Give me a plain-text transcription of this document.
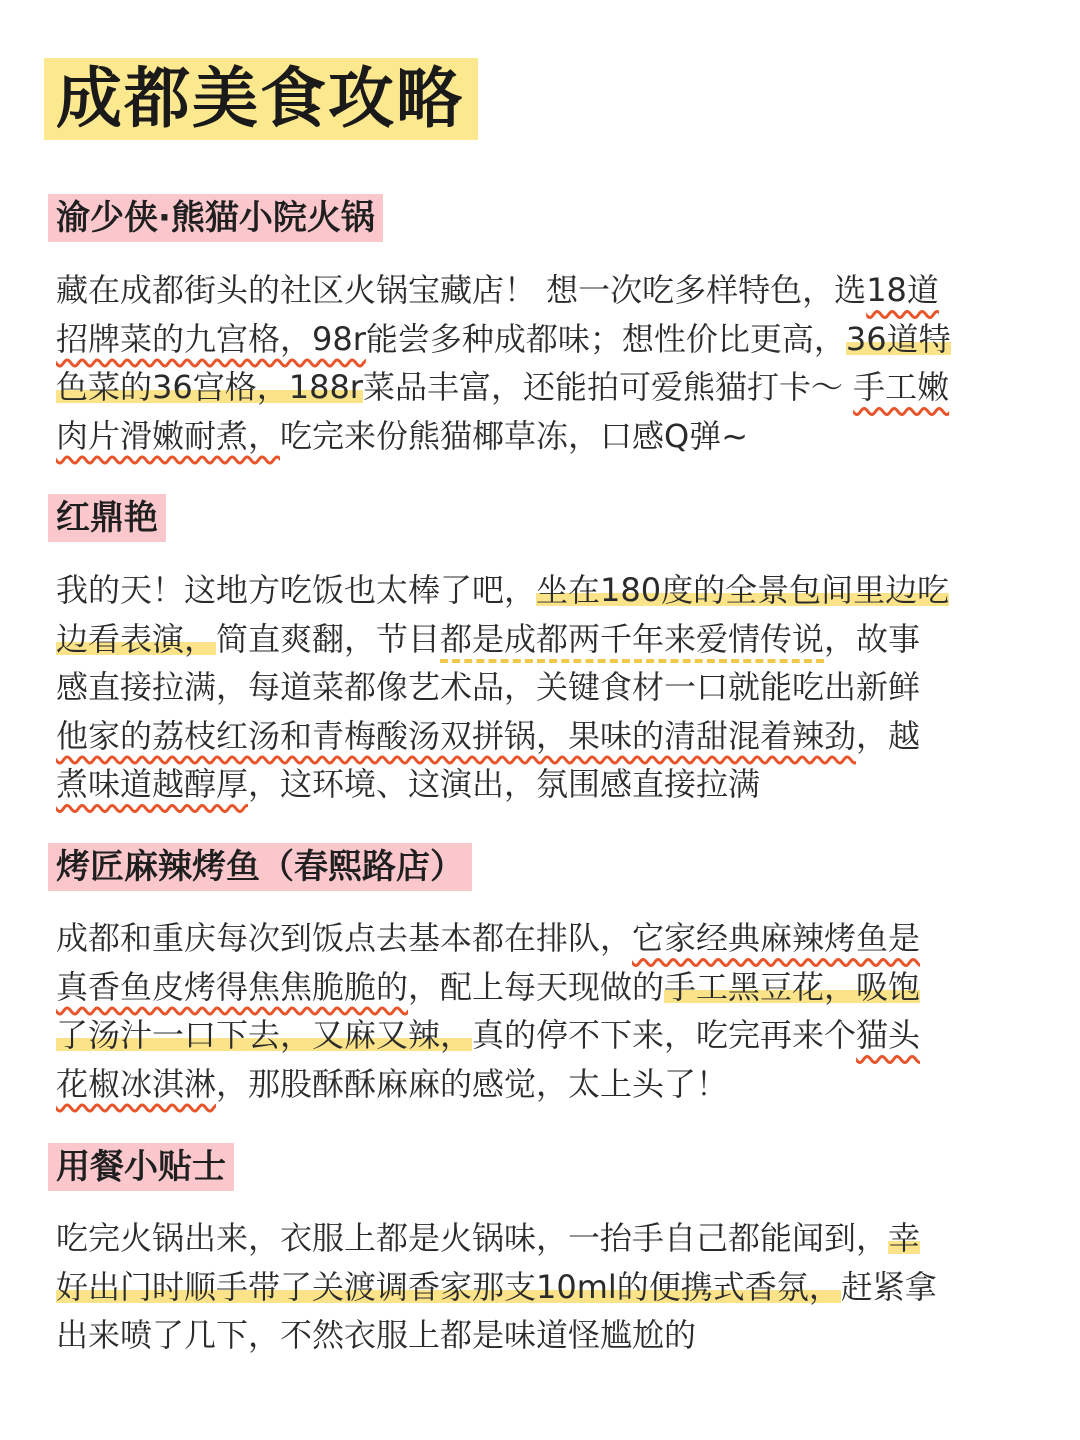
成都美食攻略
渝少侠·熊猫小院火锅
藏在成都街头的社区火锅宝藏店！ 想一次吃多样特色，选18道
招牌菜的九宫格，98r能尝多种成都味；想性价比更高，36道特
色菜的36宫格，188r菜品丰富，还能拍可爱熊猫打卡～ 手工嫩
肉片滑嫩耐煮，吃完来份熊猫椰草冻，口感Q弹~
红鼎艳
我的天！这地方吃饭也太棒了吧，坐在180度的全景包间里边吃
边看表演，简直爽翻，节目都是成都两千年来爱情传说，故事
感直接拉满，每道菜都像艺术品，关键食材一口就能吃出新鲜
他家的荔枝红汤和青梅酸汤双拼锅，果味的清甜混着辣劲，越
煮味道越醇厚，这环境、这演出，氛围感直接拉满
烤匠麻辣烤鱼（春熙路店）
成都和重庆每次到饭点去基本都在排队，它家经典麻辣烤鱼是
真香鱼皮烤得焦焦脆脆的，配上每天现做的手工黑豆花，吸饱
了汤汁一口下去，又麻又辣，真的停不下来，吃完再来个猫头
花椒冰淇淋，那股酥酥麻麻的感觉，太上头了！
用餐小贴士
吃完火锅出来，衣服上都是火锅味，一抬手自己都能闻到，幸
好出门时顺手带了关渡调香家那支10ml的便携式香氛，赶紧拿
出来喷了几下，不然衣服上都是味道怪尴尬的
